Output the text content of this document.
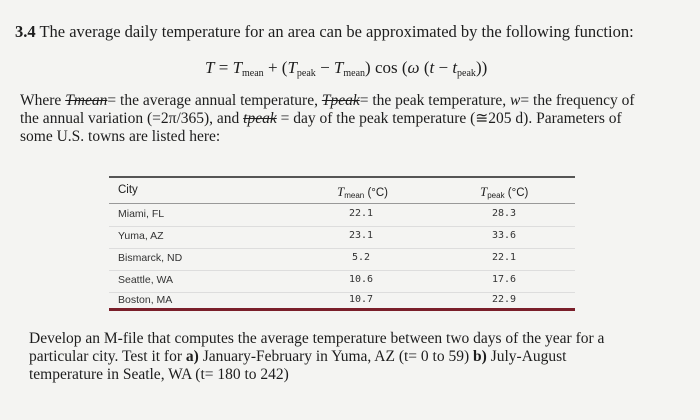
3.4 The average daily temperature for an area can be approximated by the following function:
$T = T_{mean} + (T_{peak} - T_{mean})$ cos (ω $(t - t_{peak})$)
Where Tmean= the average annual temperature, Tpeak= the peak temperature, w= the frequency of
the annual variation (=2π/365), and tpeak = day of the peak temperature (≅205 d). Parameters of
some U.S. towns are listed here:
City	$T_{mean}$ (°C)	$T_{peak}$ (°C)
Miami, FL	22.1	28.3
Yuma, AZ	23.1	33.6
Bismarck, ND	5.2	22.1
Seattle, WA	10.6	17.6
Boston, MA	10.7	22.9
Develop an M-file that computes the average temperature between two days of the year for a
particular city. Test it for a) January-February in Yuma, AZ (t= 0 to 59) b) July-August
temperature in Seatle, WA (t= 180 to 242)
